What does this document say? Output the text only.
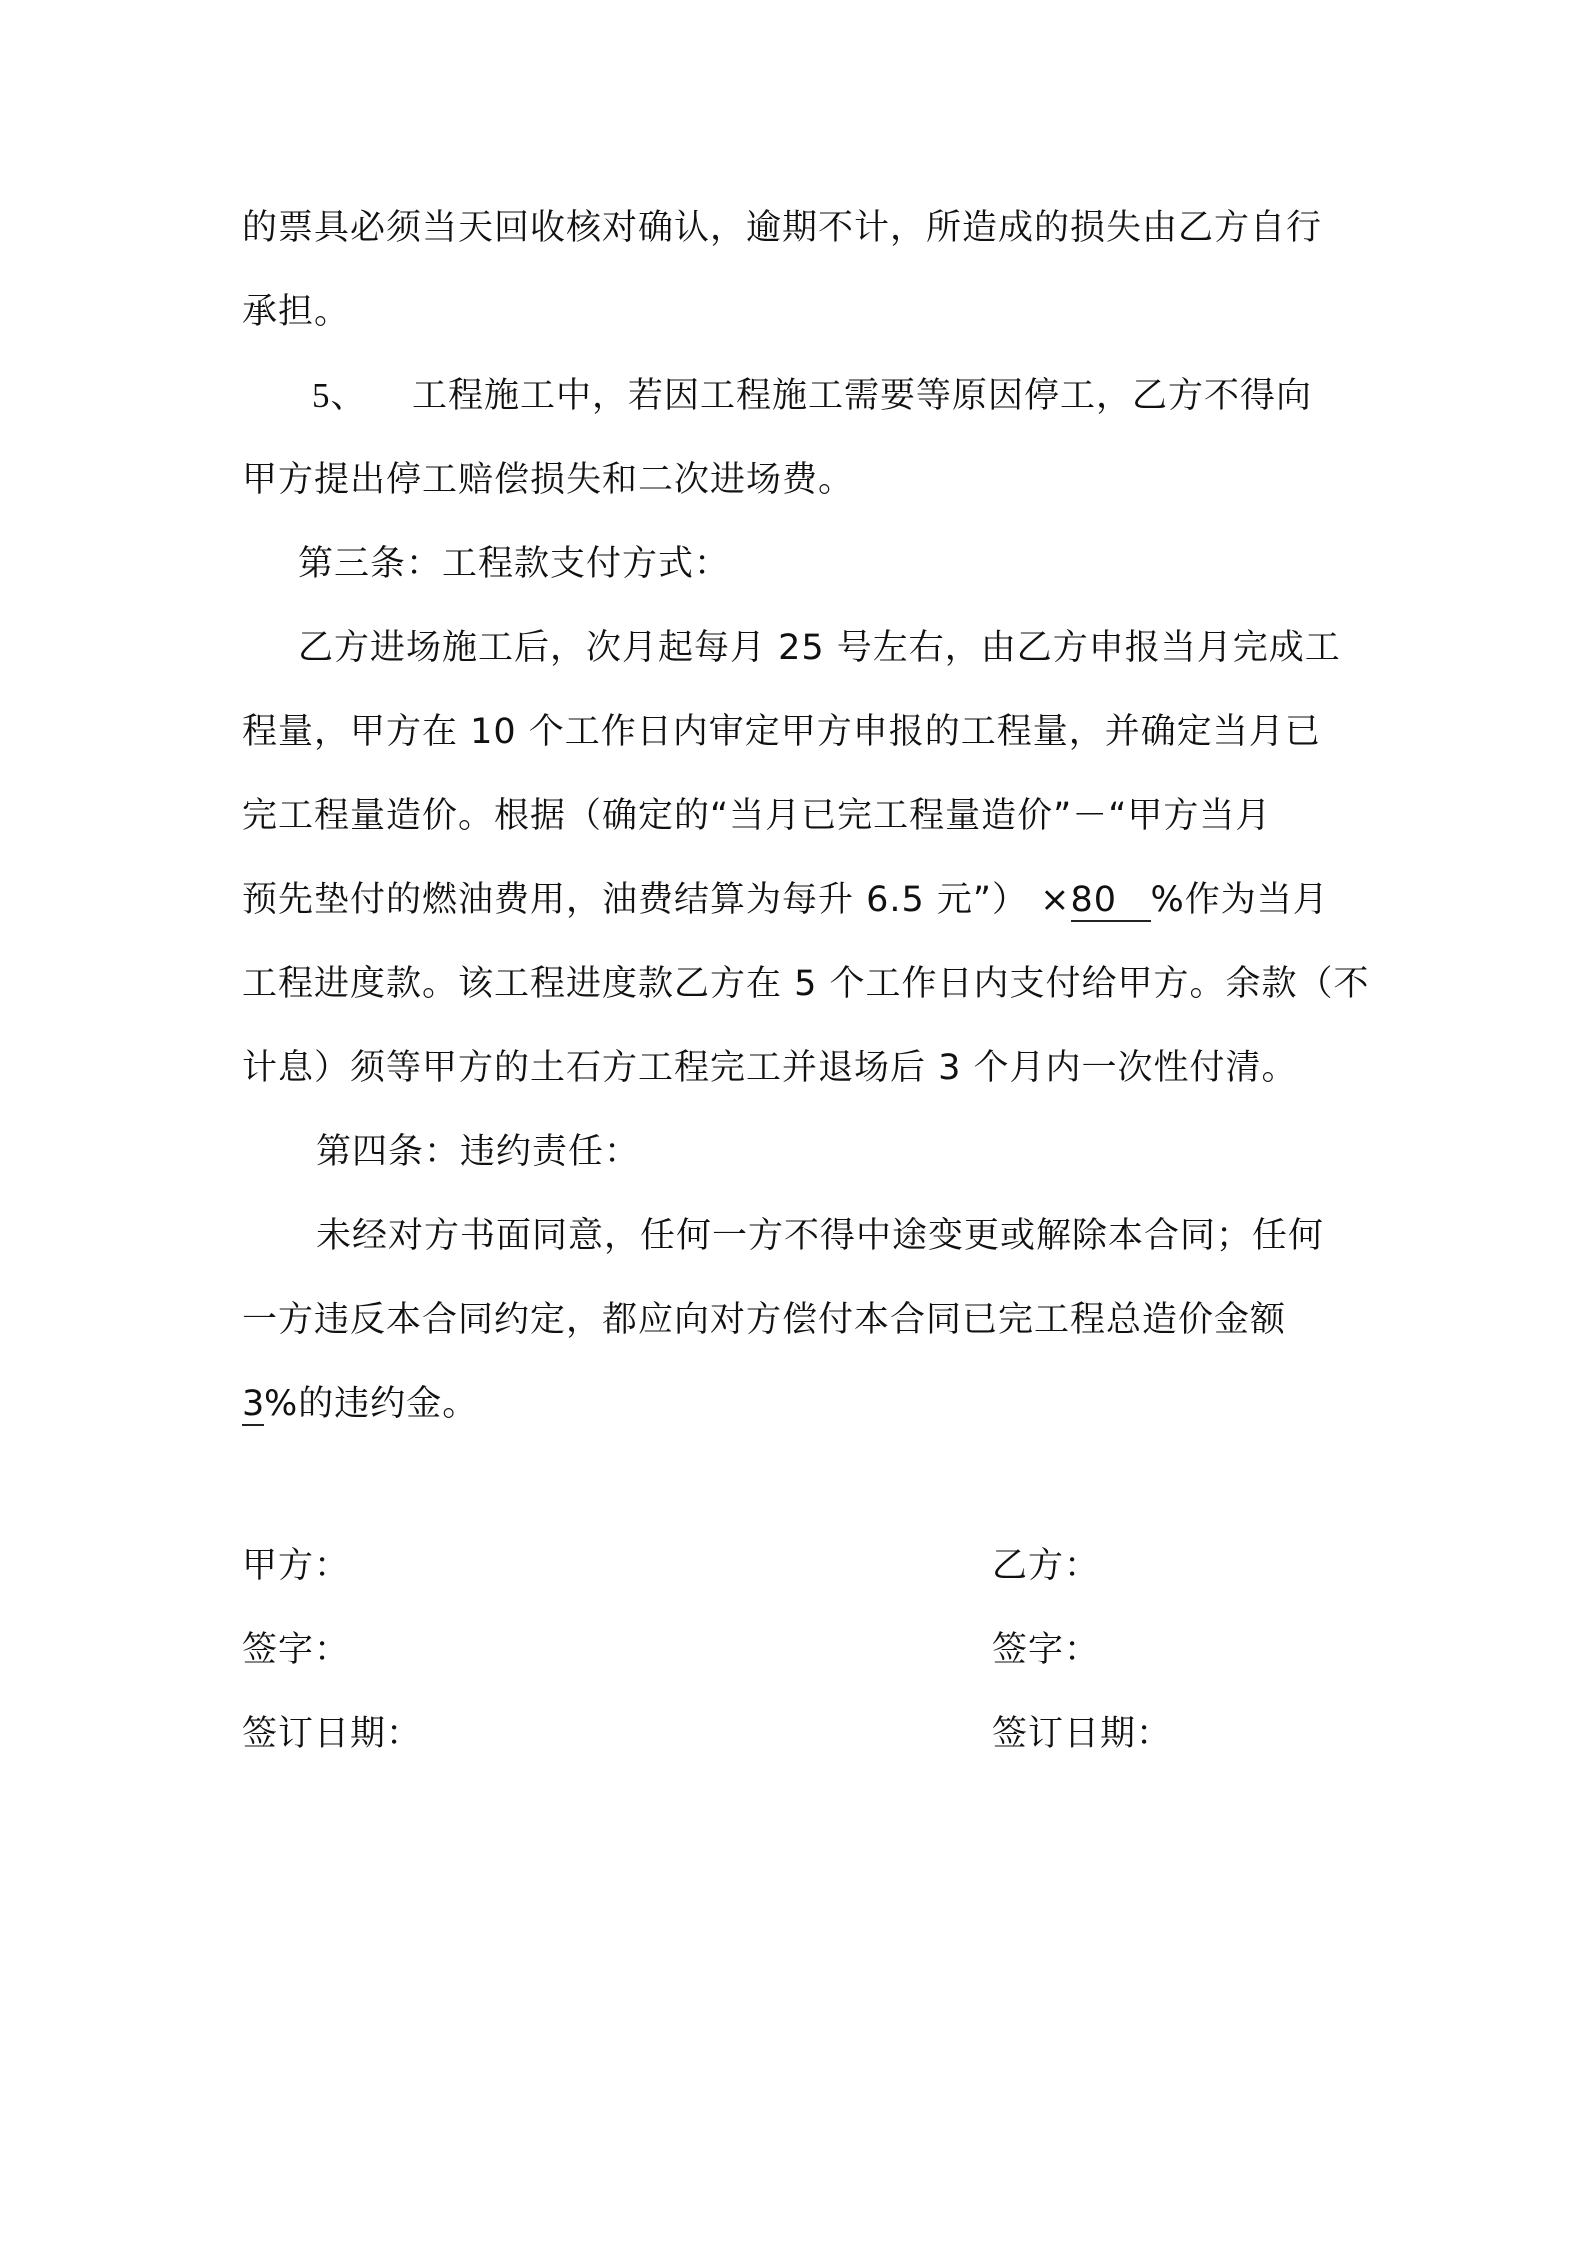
的票具必须当天回收核对确认，逾期不计，所造成的损失由乙方自行
承担。
5、 工程施工中，若因工程施工需要等原因停工，乙方不得向
甲方提出停工赔偿损失和二次进场费。
第三条：工程款支付方式：
乙方进场施工后，次月起每月 25 号左右，由乙方申报当月完成工
程量，甲方在 10 个工作日内审定甲方申报的工程量，并确定当月已
完工程量造价。根据（确定的“当月已完工程量造价”－“甲方当月
预先垫付的燃油费用，油费结算为每升 6.5 元”） ×80 %作为当月
工程进度款。该工程进度款乙方在 5 个工作日内支付给甲方。余款（不
计息）须等甲方的土石方工程完工并退场后 3 个月内一次性付清。
第四条：违约责任：
未经对方书面同意，任何一方不得中途变更或解除本合同；任何
一方违反本合同约定，都应向对方偿付本合同已完工程总造价金额
3%的违约金。
甲方：
签字：
签订日期：
乙方：
签字：
签订日期：
